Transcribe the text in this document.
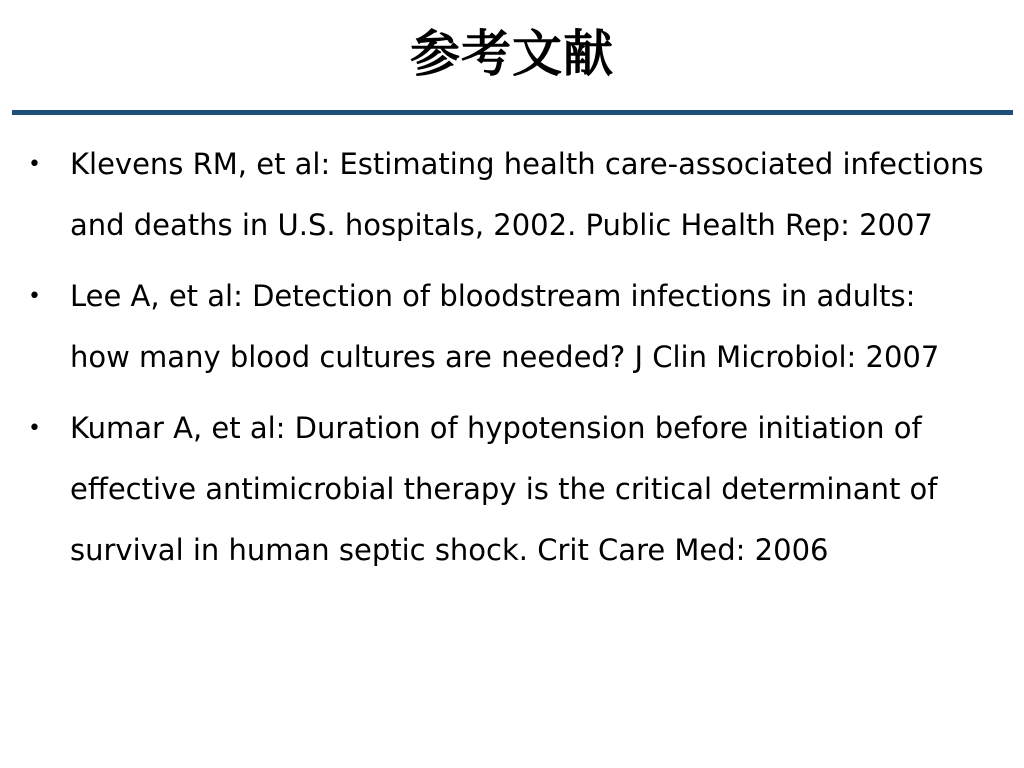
参考文献
• Klevens RM, et al: Estimating health care-associated infections and deaths in U.S. hospitals, 2002. Public Health Rep: 2007
• Lee A, et al: Detection of bloodstream infections in adults: how many blood cultures are needed? J Clin Microbiol: 2007
• Kumar A, et al: Duration of hypotension before initiation of effective antimicrobial therapy is the critical determinant of survival in human septic shock. Crit Care Med: 2006
